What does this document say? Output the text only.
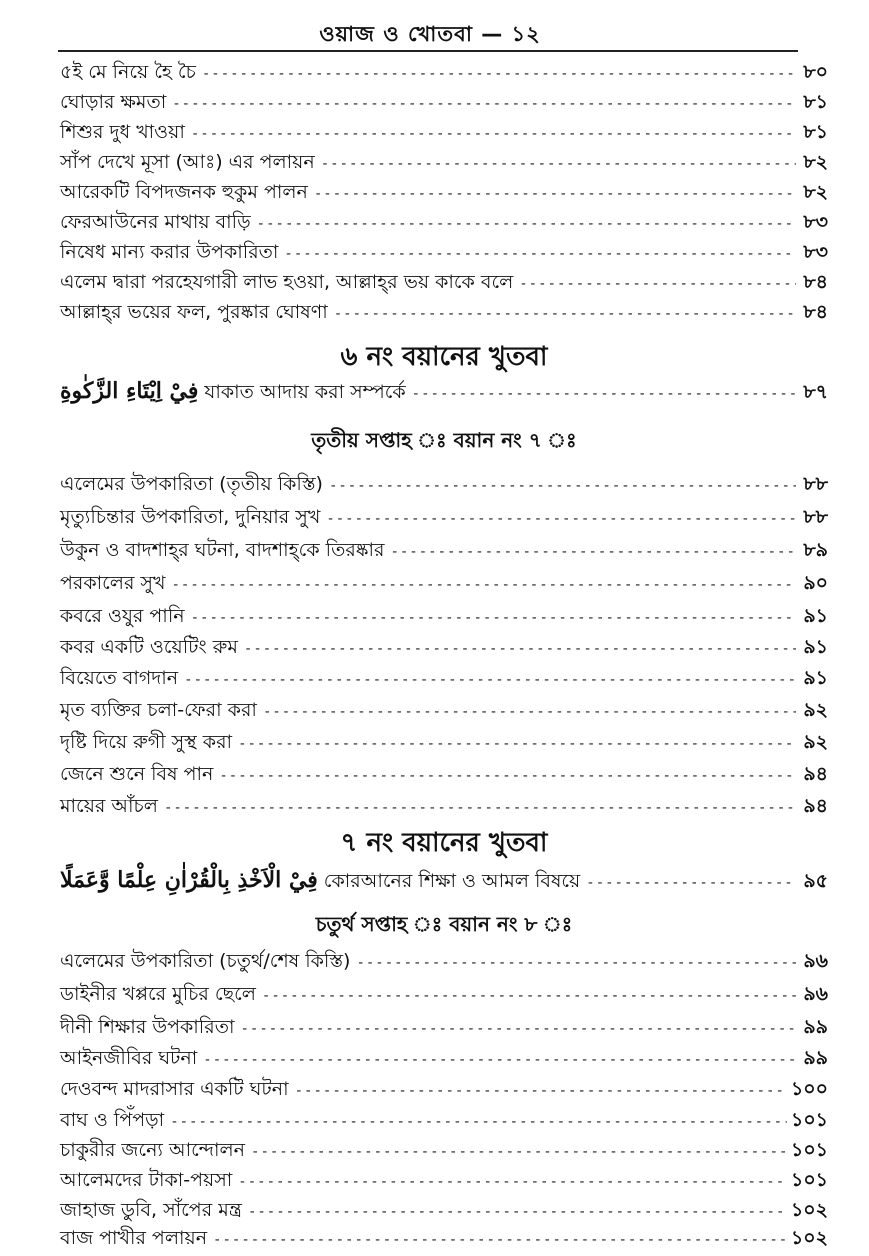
ওয়াজ ও খোতবা — ১২
৫ই মে নিয়ে হৈ চৈ -----	৮০
ঘোড়ার ক্ষমতা -----	৮১
শিশুর দুধ খাওয়া -----	৮১
সাঁপ দেখে মূসা (আঃ) এর পলায়ন -----	৮২
আরেকটি বিপদজনক হুকুম পালন -----	৮২
ফেরআউনের মাথায় বাড়ি -----	৮৩
নিষেধ মান্য করার উপকারিতা -----	৮৩
এলেম দ্বারা পরহেযগারী লাভ হওয়া, আল্লাহ্‌র ভয় কাকে বলে -----	৮৪
আল্লাহ্‌র ভয়ের ফল, পুরষ্কার ঘোষণা -----	৮৪
৬ নং বয়ানের খুতবা
فِيْ اِيْتَاءِ الزَّكٰوةِ যাকাত আদায় করা সম্পর্কে -----	৮৭
তৃতীয় সপ্তাহ ঃ বয়ান নং ৭ ঃ
এলেমের উপকারিতা (তৃতীয় কিস্তি) -----	৮৮
মৃত্যুচিন্তার উপকারিতা, দুনিয়ার সুখ -----	৮৮
উকুন ও বাদশাহ্‌র ঘটনা, বাদশাহ্‌কে তিরষ্কার -----	৮৯
পরকালের সুখ -----	৯০
কবরে ওযুর পানি -----	৯১
কবর একটি ওয়েটিং রুম -----	৯১
বিয়েতে বাগদান -----	৯১
মৃত ব্যক্তির চলা-ফেরা করা -----	৯২
দৃষ্টি দিয়ে রুগী সুস্থ করা -----	৯২
জেনে শুনে বিষ পান -----	৯৪
মায়ের আঁচল -----	৯৪
৭ নং বয়ানের খুতবা
فِيْ الْاَخْذِ بِالْقُرْاٰنِ عِلْمًا وَّعَمَلًا কোরআনের শিক্ষা ও আমল বিষয়ে -----	৯৫
চতুর্থ সপ্তাহ ঃ বয়ান নং ৮ ঃ
এলেমের উপকারিতা (চতুর্থ/শেষ কিস্তি) -----	৯৬
ডাইনীর খপ্পরে মুচির ছেলে -----	৯৬
দীনী শিক্ষার উপকারিতা -----	৯৯
আইনজীবির ঘটনা -----	৯৯
দেওবন্দ মাদরাসার একটি ঘটনা -----	১০০
বাঘ ও পিঁপড়া -----	১০১
চাকুরীর জন্যে আন্দোলন -----	১০১
আলেমদের টাকা-পয়সা -----	১০১
জাহাজ ডুবি, সাঁপের মন্ত্র -----	১০২
বাজ পাখীর পলায়ন -----	১০২
